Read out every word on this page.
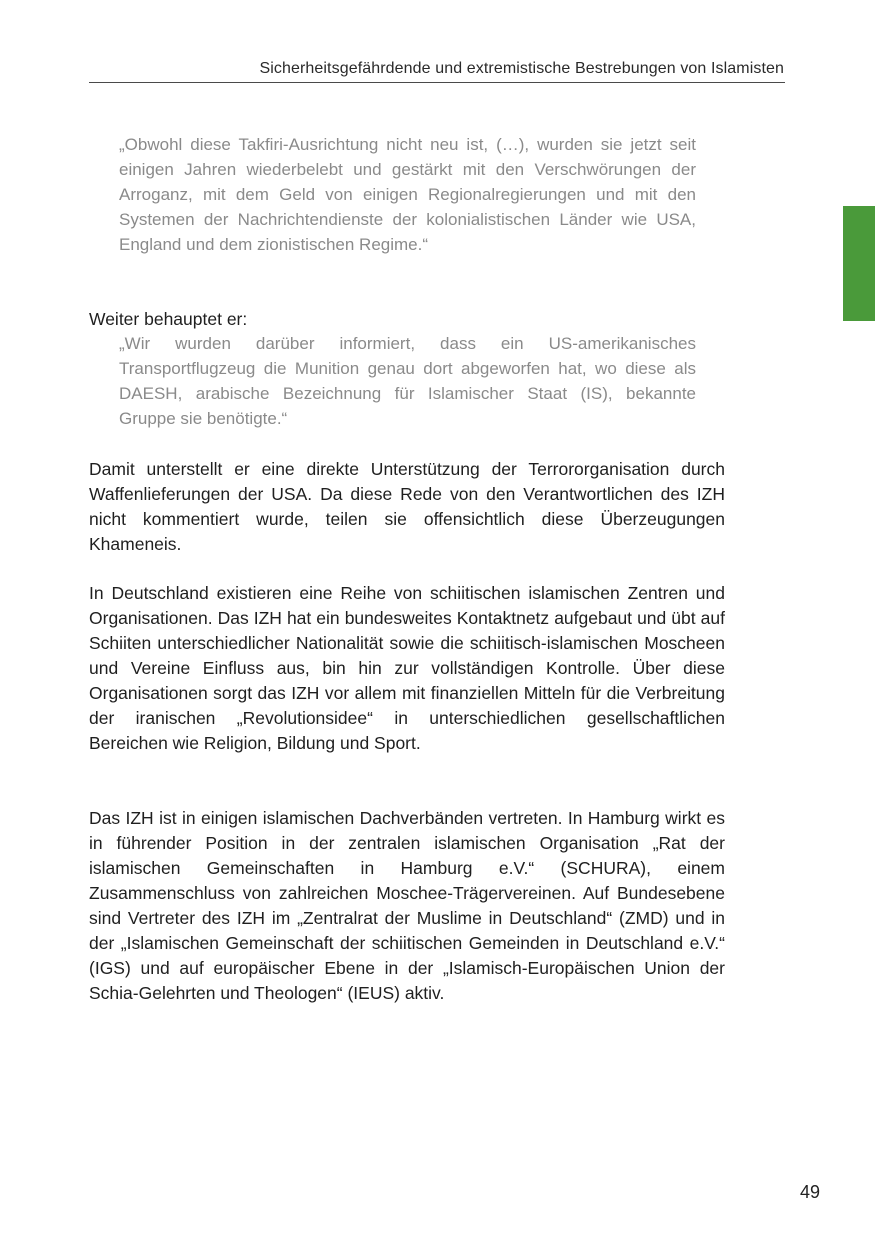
Sicherheitsgefährdende und extremistische Bestrebungen von Islamisten
„Obwohl diese Takfiri-Ausrichtung nicht neu ist, (…), wurden sie jetzt seit einigen Jahren wiederbelebt und gestärkt mit den Verschwörungen der Arroganz, mit dem Geld von einigen Regionalregierungen und mit den Systemen der Nachrichtendienste der kolonialistischen Länder wie USA, England und dem zionistischen Regime.“
Weiter behauptet er:
„Wir wurden darüber informiert, dass ein US-amerikanisches Transportflugzeug die Munition genau dort abgeworfen hat, wo diese als DAESH, arabische Bezeichnung für Islamischer Staat (IS), bekannte Gruppe sie benötigte.“
Damit unterstellt er eine direkte Unterstützung der Terrororganisation durch Waffenlieferungen der USA. Da diese Rede von den Verantwortlichen des IZH nicht kommentiert wurde, teilen sie offensichtlich diese Überzeugungen Khameneis.
In Deutschland existieren eine Reihe von schiitischen islamischen Zentren und Organisationen. Das IZH hat ein bundesweites Kontaktnetz aufgebaut und übt auf Schiiten unterschiedlicher Nationalität sowie die schiitisch-islamischen Moscheen und Vereine Einfluss aus, bin hin zur vollständigen Kontrolle. Über diese Organisationen sorgt das IZH vor allem mit finanziellen Mitteln für die Verbreitung der iranischen „Revolutionsidee“ in unterschiedlichen gesellschaftlichen Bereichen wie Religion, Bildung und Sport.
Das IZH ist in einigen islamischen Dachverbänden vertreten. In Hamburg wirkt es in führender Position in der zentralen islamischen Organisation „Rat der islamischen Gemeinschaften in Hamburg e.V.“ (SCHURA), einem Zusammenschluss von zahlreichen Moschee-Trägervereinen. Auf Bundesebene sind Vertreter des IZH im „Zentralrat der Muslime in Deutschland“ (ZMD) und in der „Islamischen Gemeinschaft der schiitischen Gemeinden in Deutschland e.V.“ (IGS) und auf europäischer Ebene in der „Islamisch-Europäischen Union der Schia-Gelehrten und Theologen“ (IEUS) aktiv.
49
